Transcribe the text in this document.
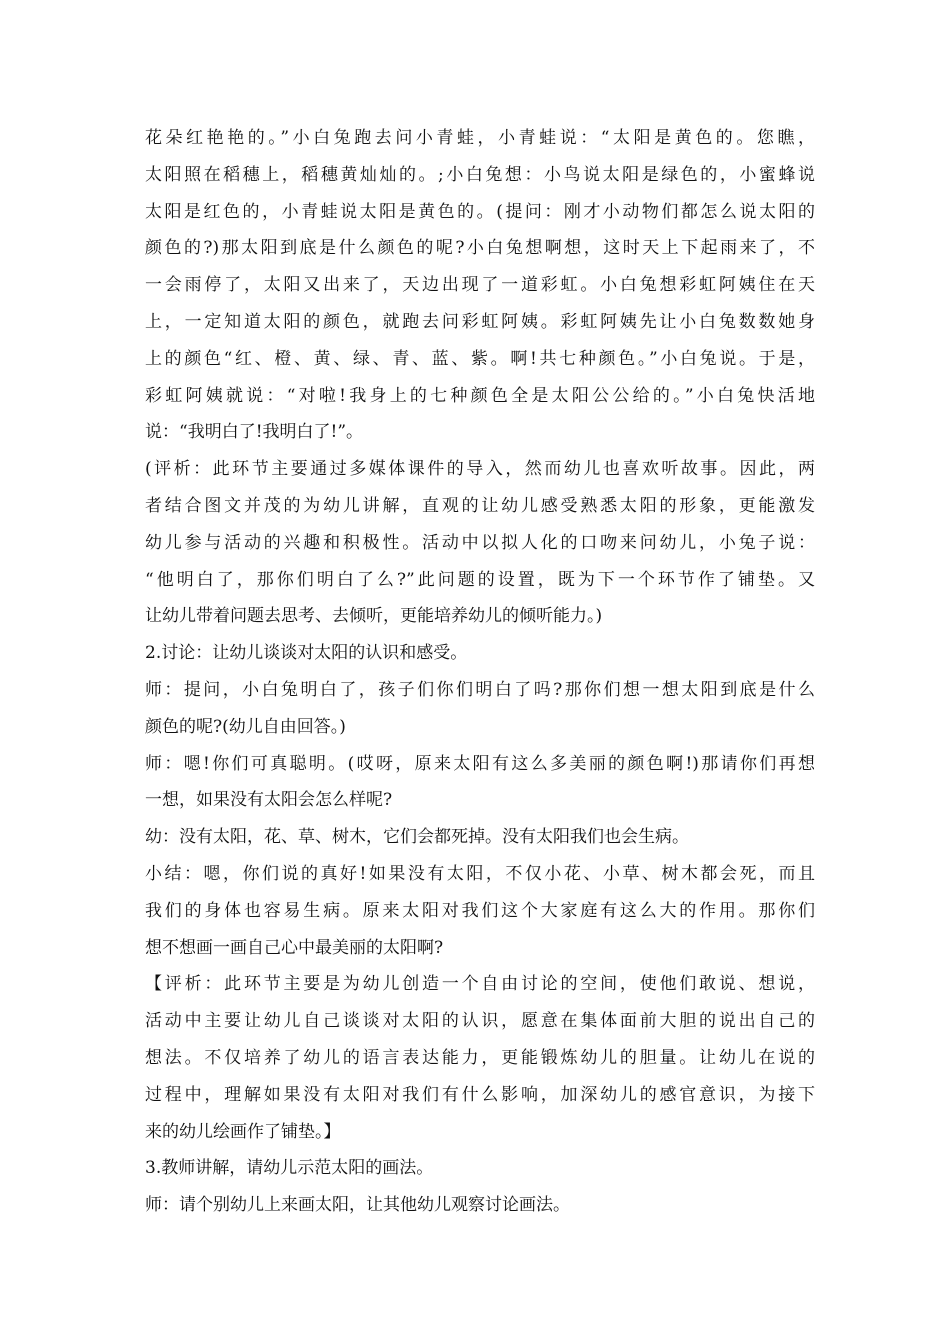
花朵红艳艳的。”小白兔跑去问小青蛙，小青蛙说：“太阳是黄色的。您瞧，
太阳照在稻穗上，稻穗黄灿灿的。;小白兔想：小鸟说太阳是绿色的，小蜜蜂说
太阳是红色的，小青蛙说太阳是黄色的。(提问：刚才小动物们都怎么说太阳的
颜色的?)那太阳到底是什么颜色的呢?小白兔想啊想，这时天上下起雨来了，不
一会雨停了，太阳又出来了，天边出现了一道彩虹。小白兔想彩虹阿姨住在天
上，一定知道太阳的颜色，就跑去问彩虹阿姨。彩虹阿姨先让小白兔数数她身
上的颜色“红、橙、黄、绿、青、蓝、紫。啊!共七种颜色。”小白兔说。于是，
彩虹阿姨就说：“对啦!我身上的七种颜色全是太阳公公给的。”小白兔快活地
说：“我明白了!我明白了!”。
(评析：此环节主要通过多媒体课件的导入，然而幼儿也喜欢听故事。因此，两
者结合图文并茂的为幼儿讲解，直观的让幼儿感受熟悉太阳的形象，更能激发
幼儿参与活动的兴趣和积极性。活动中以拟人化的口吻来问幼儿，小兔子说：
“他明白了，那你们明白了么?”此问题的设置，既为下一个环节作了铺垫。又
让幼儿带着问题去思考、去倾听，更能培养幼儿的倾听能力。)
2.讨论：让幼儿谈谈对太阳的认识和感受。
师：提问，小白兔明白了，孩子们你们明白了吗?那你们想一想太阳到底是什么
颜色的呢?(幼儿自由回答。)
师：嗯!你们可真聪明。(哎呀，原来太阳有这么多美丽的颜色啊!)那请你们再想
一想，如果没有太阳会怎么样呢?
幼：没有太阳，花、草、树木，它们会都死掉。没有太阳我们也会生病。
小结：嗯，你们说的真好!如果没有太阳，不仅小花、小草、树木都会死，而且
我们的身体也容易生病。原来太阳对我们这个大家庭有这么大的作用。那你们
想不想画一画自己心中最美丽的太阳啊?
【评析：此环节主要是为幼儿创造一个自由讨论的空间，使他们敢说、想说，
活动中主要让幼儿自己谈谈对太阳的认识，愿意在集体面前大胆的说出自己的
想法。不仅培养了幼儿的语言表达能力，更能锻炼幼儿的胆量。让幼儿在说的
过程中，理解如果没有太阳对我们有什么影响，加深幼儿的感官意识，为接下
来的幼儿绘画作了铺垫。】
3.教师讲解，请幼儿示范太阳的画法。
师：请个别幼儿上来画太阳，让其他幼儿观察讨论画法。
